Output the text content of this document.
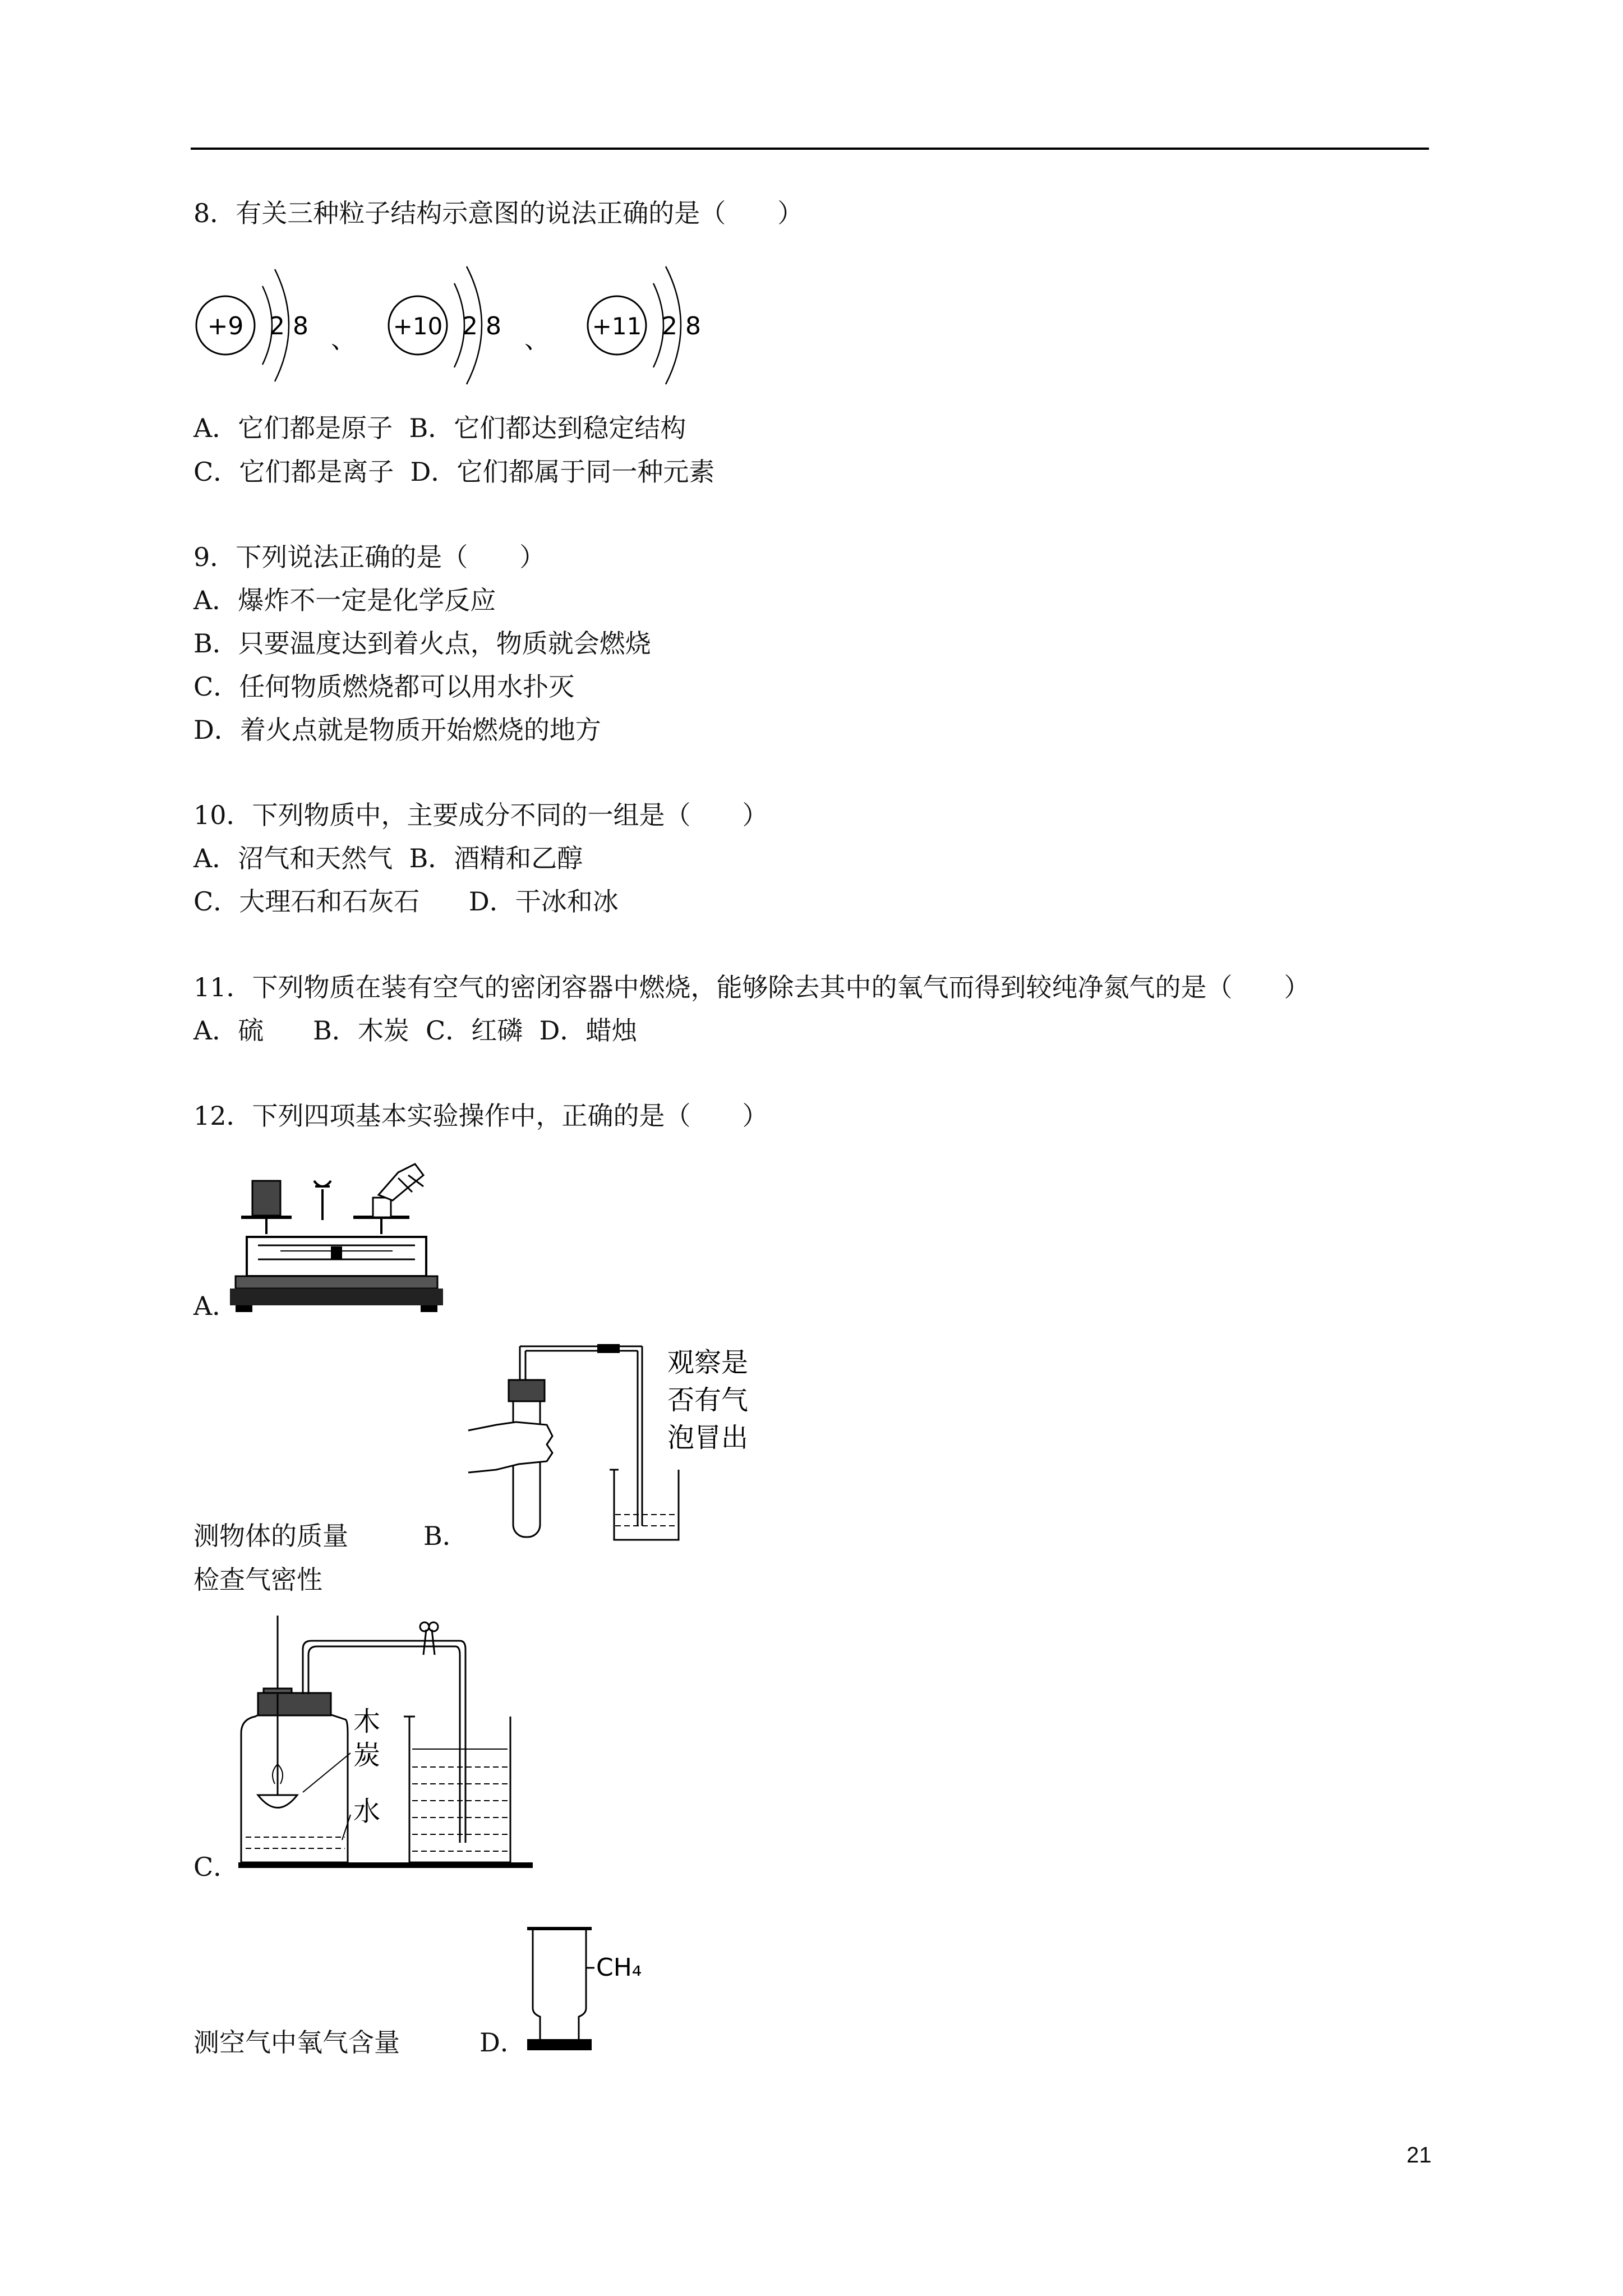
8．有关三种粒子结构示意图的说法正确的是（　　）
+9 2 8 、 +10 2 8 、 +11 2 8
A．它们都是原子  B．它们都达到稳定结构
C．它们都是离子  D．它们都属于同一种元素
9．下列说法正确的是（　　）
A．爆炸不一定是化学反应
B．只要温度达到着火点，物质就会燃烧
C．任何物质燃烧都可以用水扑灭
D．着火点就是物质开始燃烧的地方
10．下列物质中，主要成分不同的一组是（　　）
A．沼气和天然气  B．酒精和乙醇
C．大理石和石灰石      D．干冰和冰
11．下列物质在装有空气的密闭容器中燃烧，能够除去其中的氧气而得到较纯净氮气的是（　　）
A．硫      B．木炭  C．红磷  D．蜡烛
12．下列四项基本实验操作中，正确的是（　　）
A．
观察是
否有气
泡冒出
测物体的质量	B．
检查气密性
木
炭
水
C．
测空气中氧气含量
CH₄
D．
21
